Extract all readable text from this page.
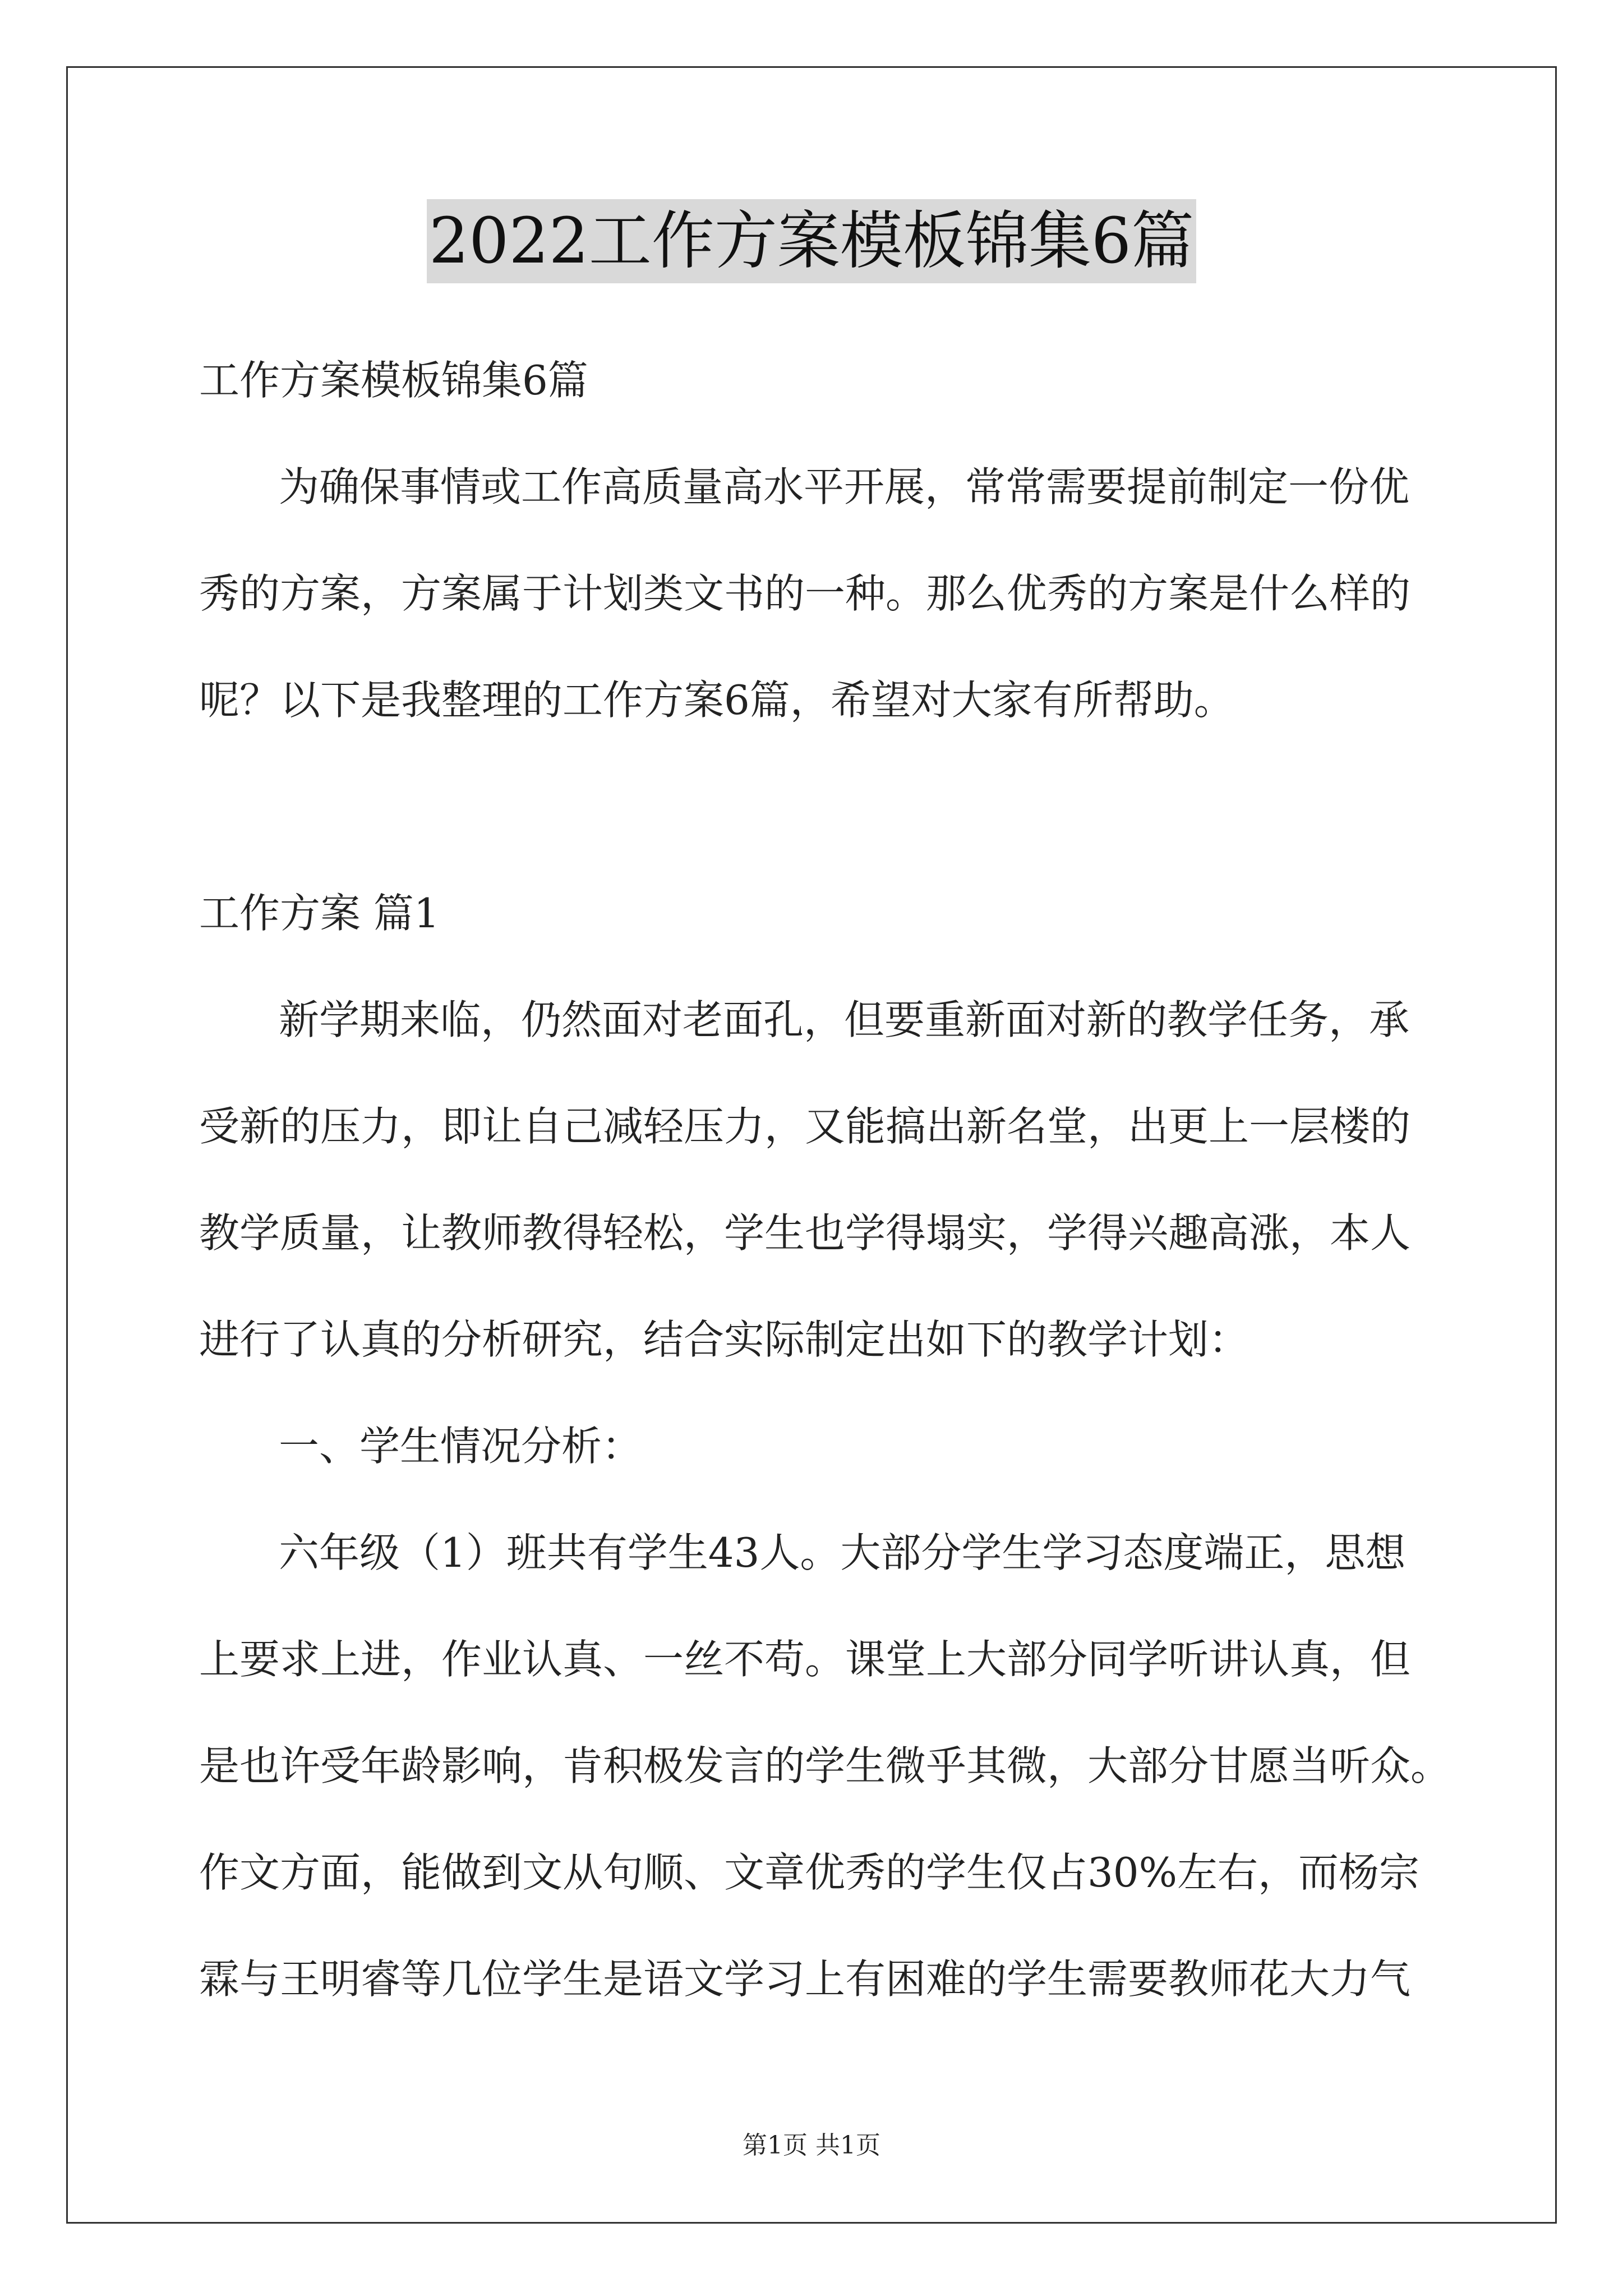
2022工作方案模板锦集6篇
工作方案模板锦集6篇
为确保事情或工作高质量高水平开展，常常需要提前制定一份优
秀的方案，方案属于计划类文书的一种。那么优秀的方案是什么样的
呢？以下是我整理的工作方案6篇，希望对大家有所帮助。
工作方案 篇1
新学期来临，仍然面对老面孔，但要重新面对新的教学任务，承
受新的压力，即让自己减轻压力，又能搞出新名堂，出更上一层楼的
教学质量，让教师教得轻松，学生也学得塌实，学得兴趣高涨，本人
进行了认真的分析研究，结合实际制定出如下的教学计划：
一、学生情况分析：
六年级（1）班共有学生43人。大部分学生学习态度端正，思想
上要求上进，作业认真、一丝不苟。课堂上大部分同学听讲认真，但
是也许受年龄影响，肯积极发言的学生微乎其微，大部分甘愿当听众。
作文方面，能做到文从句顺、文章优秀的学生仅占30%左右，而杨宗
霖与王明睿等几位学生是语文学习上有困难的学生需要教师花大力气
第1页 共1页
